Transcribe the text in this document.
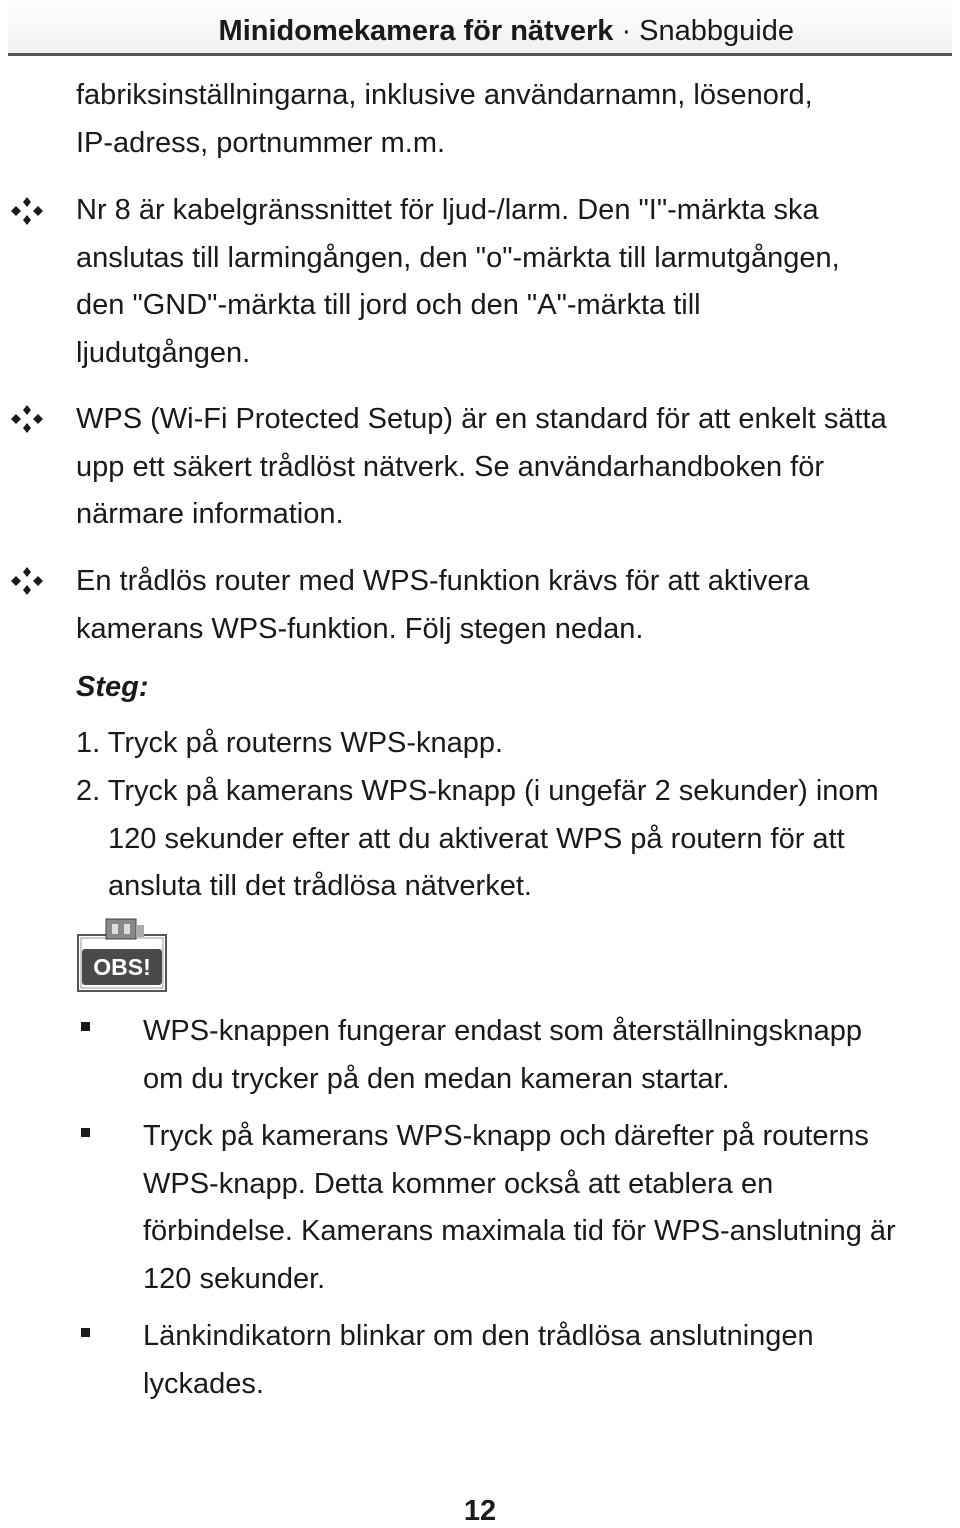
Minidomekamera för nätverk · Snabbguide
fabriksinställningarna, inklusive användarnamn, lösenord,
IP-adress, portnummer m.m.
Nr 8 är kabelgränssnittet för ljud-/larm. Den "I"-märkta ska
anslutas till larmingången, den "o"-märkta till larmutgången,
den "GND"-märkta till jord och den "A"-märkta till
ljudutgången.
WPS (Wi-Fi Protected Setup) är en standard för att enkelt sätta
upp ett säkert trådlöst nätverk. Se användarhandboken för
närmare information.
En trådlös router med WPS-funktion krävs för att aktivera
kamerans WPS-funktion. Följ stegen nedan.
Steg:
1. Tryck på routerns WPS-knapp.
2. Tryck på kamerans WPS-knapp (i ungefär 2 sekunder) inom
120 sekunder efter att du aktiverat WPS på routern för att
ansluta till det trådlösa nätverket.
OBS!
WPS-knappen fungerar endast som återställningsknapp
om du trycker på den medan kameran startar.
Tryck på kamerans WPS-knapp och därefter på routerns
WPS-knapp. Detta kommer också att etablera en
förbindelse. Kamerans maximala tid för WPS-anslutning är
120 sekunder.
Länkindikatorn blinkar om den trådlösa anslutningen
lyckades.
12
